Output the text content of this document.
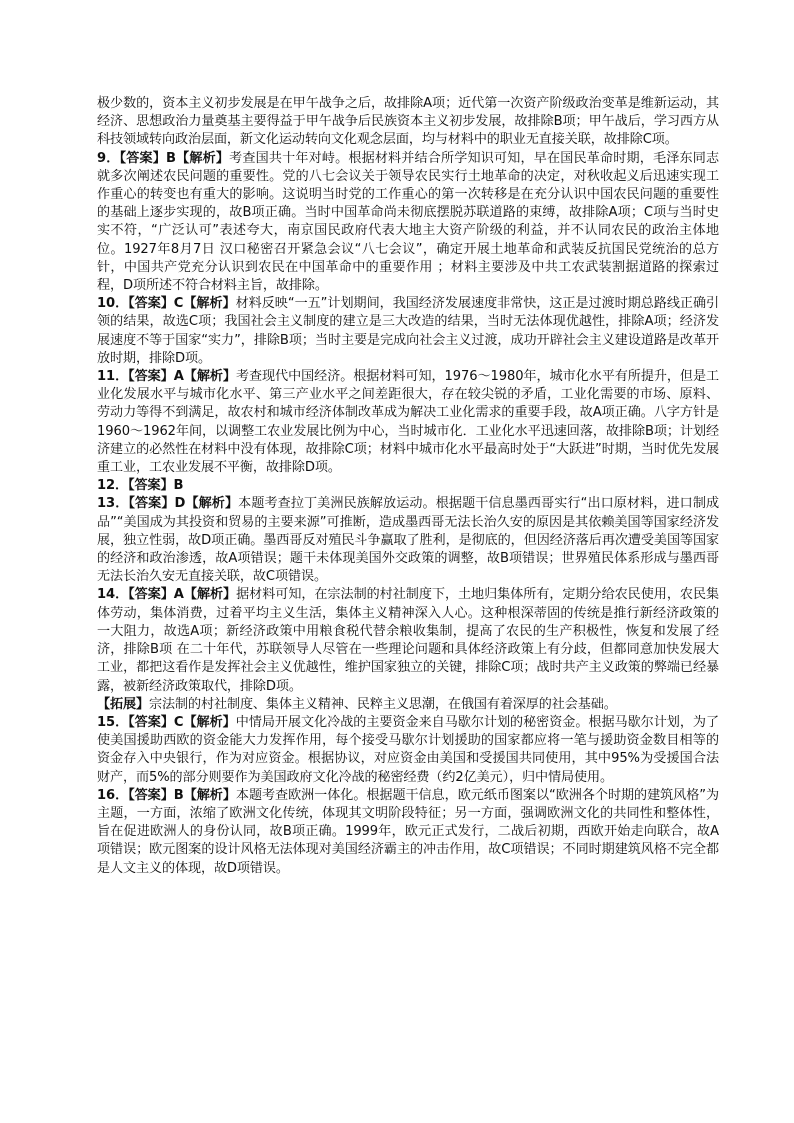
极少数的，资本主义初步发展是在甲午战争之后，故排除A项；近代第一次资产阶级政治变革是维新运动，其经济、思想政治力量奠基主要得益于甲午战争后民族资本主义初步发展，故排除B项；甲午战后，学习西方从科技领域转向政治层面，新文化运动转向文化观念层面，均与材料中的职业无直接关联，故排除C项。

9．【答案】B【解析】考查国共十年对峙。根据材料并结合所学知识可知，早在国民革命时期，毛泽东同志就多次阐述农民问题的重要性。党的八七会议关于领导农民实行土地革命的决定，对秋收起义后迅速实现工作重心的转变也有重大的影响。这说明当时党的工作重心的第一次转移是在充分认识中国农民问题的重要性的基础上逐步实现的，故B项正确。当时中国革命尚未彻底摆脱苏联道路的束缚，故排除A项；C项与当时史实不符，“广泛认可”表述夸大，南京国民政府代表大地主大资产阶级的利益，并不认同农民的政治主体地位。1927年8月7日 汉口秘密召开紧急会议“八七会议”，确定开展土地革命和武装反抗国民党统治的总方针，中国共产党充分认识到农民在中国革命中的重要作用 ；材料主要涉及中共工农武装割据道路的探索过程，D项所述不符合材料主旨，故排除。

10．【答案】C【解析】材料反映“一五”计划期间，我国经济发展速度非常快，这正是过渡时期总路线正确引领的结果，故选C项；我国社会主义制度的建立是三大改造的结果，当时无法体现优越性，排除A项；经济发展速度不等于国家“实力”，排除B项；当时主要是完成向社会主义过渡，成功开辟社会主义建设道路是改革开放时期，排除D项。

11．【答案】A【解析】考查现代中国经济。根据材料可知，1976～1980年，城市化水平有所提升，但是工业化发展水平与城市化水平、第三产业水平之间差距很大，存在较尖锐的矛盾，工业化需要的市场、原料、劳动力等得不到满足，故农村和城市经济体制改革成为解决工业化需求的重要手段，故A项正确。八字方针是1960～1962年间，以调整工农业发展比例为中心，当时城市化．工业化水平迅速回落，故排除B项；计划经济建立的必然性在材料中没有体现，故排除C项；材料中城市化水平最高时处于“大跃进”时期，当时优先发展重工业，工农业发展不平衡，故排除D项。

12．【答案】B

13．【答案】D【解析】本题考查拉丁美洲民族解放运动。根据题干信息墨西哥实行“出口原材料，进口制成品”“美国成为其投资和贸易的主要来源”可推断，造成墨西哥无法长治久安的原因是其依赖美国等国家经济发展，独立性弱，故D项正确。墨西哥反对殖民斗争赢取了胜利，是彻底的，但因经济落后再次遭受美国等国家的经济和政治渗透，故A项错误；题干未体现美国外交政策的调整，故B项错误；世界殖民体系形成与墨西哥无法长治久安无直接关联，故C项错误。

14．【答案】A【解析】据材料可知，在宗法制的村社制度下，土地归集体所有，定期分给农民使用，农民集体劳动，集体消费，过着平均主义生活，集体主义精神深入人心。这种根深蒂固的传统是推行新经济政策的一大阻力，故选A项；新经济政策中用粮食税代替余粮收集制，提高了农民的生产积极性，恢复和发展了经济，排除B项 在二十年代，苏联领导人尽管在一些理论问题和具体经济政策上有分歧，但都同意加快发展大工业，都把这看作是发挥社会主义优越性，维护国家独立的关键，排除C项；战时共产主义政策的弊端已经暴露，被新经济政策取代，排除D项。

【拓展】宗法制的村社制度、集体主义精神、民粹主义思潮，在俄国有着深厚的社会基础。

15．【答案】C【解析】中情局开展文化冷战的主要资金来自马歇尔计划的秘密资金。根据马歇尔计划，为了使美国援助西欧的资金能大力发挥作用，每个接受马歇尔计划援助的国家都应将一笔与援助资金数目相等的资金存入中央银行，作为对应资金。根据协议，对应资金由美国和受援国共同使用，其中95%为受援国合法财产，而5%的部分则要作为美国政府文化冷战的秘密经费（约2亿美元），归中情局使用。

16．【答案】B【解析】本题考查欧洲一体化。根据题干信息，欧元纸币图案以“欧洲各个时期的建筑风格”为主题，一方面，浓缩了欧洲文化传统，体现其文明阶段特征；另一方面，强调欧洲文化的共同性和整体性，旨在促进欧洲人的身份认同，故B项正确。1999年，欧元正式发行，二战后初期，西欧开始走向联合，故A项错误；欧元图案的设计风格无法体现对美国经济霸主的冲击作用，故C项错误；不同时期建筑风格不完全都是人文主义的体现，故D项错误。
